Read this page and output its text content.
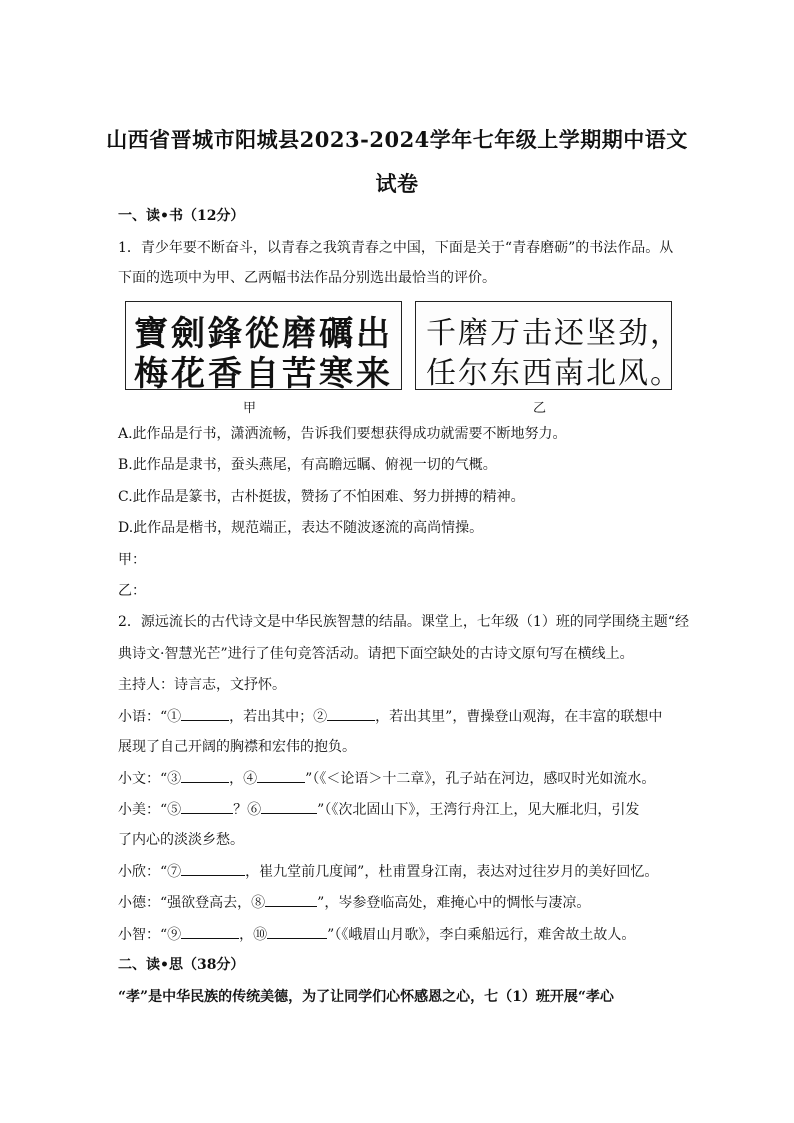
山西省晋城市阳城县2023-2024学年七年级上学期期中语文
试卷
一、读•书（12分）
1．青少年要不断奋斗，以青春之我筑青春之中国，下面是关于“青春磨砺”的书法作品。从
下面的选项中为甲、乙两幅书法作品分别选出最恰当的评价。
寶劍鋒從磨礪出
梅花香自苦寒来
甲
千磨万击还坚劲，
任尔东西南北风。
乙
A.此作品是行书，潇洒流畅，告诉我们要想获得成功就需要不断地努力。
B.此作品是隶书，蚕头燕尾，有高瞻远瞩、俯视一切的气概。
C.此作品是篆书，古朴挺拔，赞扬了不怕困难、努力拼搏的精神。
D.此作品是楷书，规范端正，表达不随波逐流的高尚情操。
甲：
乙：
2．源远流长的古代诗文是中华民族智慧的结晶。课堂上，七年级（1）班的同学围绕主题“经
典诗文·智慧光芒”进行了佳句竞答活动。请把下面空缺处的古诗文原句写在横线上。
主持人：诗言志，文抒怀。
小语：“①	，若出其中；②	，若出其里”，曹操登山观海，在丰富的联想中
展现了自己开阔的胸襟和宏伟的抱负。
小文：“③	，④	”（《＜论语＞十二章》，孔子站在河边，感叹时光如流水。
小美：“⑤	？⑥	”（《次北固山下》，王湾行舟江上，见大雁北归，引发
了内心的淡淡乡愁。
小欣：“⑦	，崔九堂前几度闻”，杜甫置身江南，表达对过往岁月的美好回忆。
小德：“强欲登高去，⑧	”，岑参登临高处，难掩心中的惆怅与凄凉。
小智：“⑨	，⑩	”（《峨眉山月歌》，李白乘船远行，难舍故土故人。
二、读•思（38分）
“孝”是中华民族的传统美德，为了让同学们心怀感恩之心，七（1）班开展“孝心
